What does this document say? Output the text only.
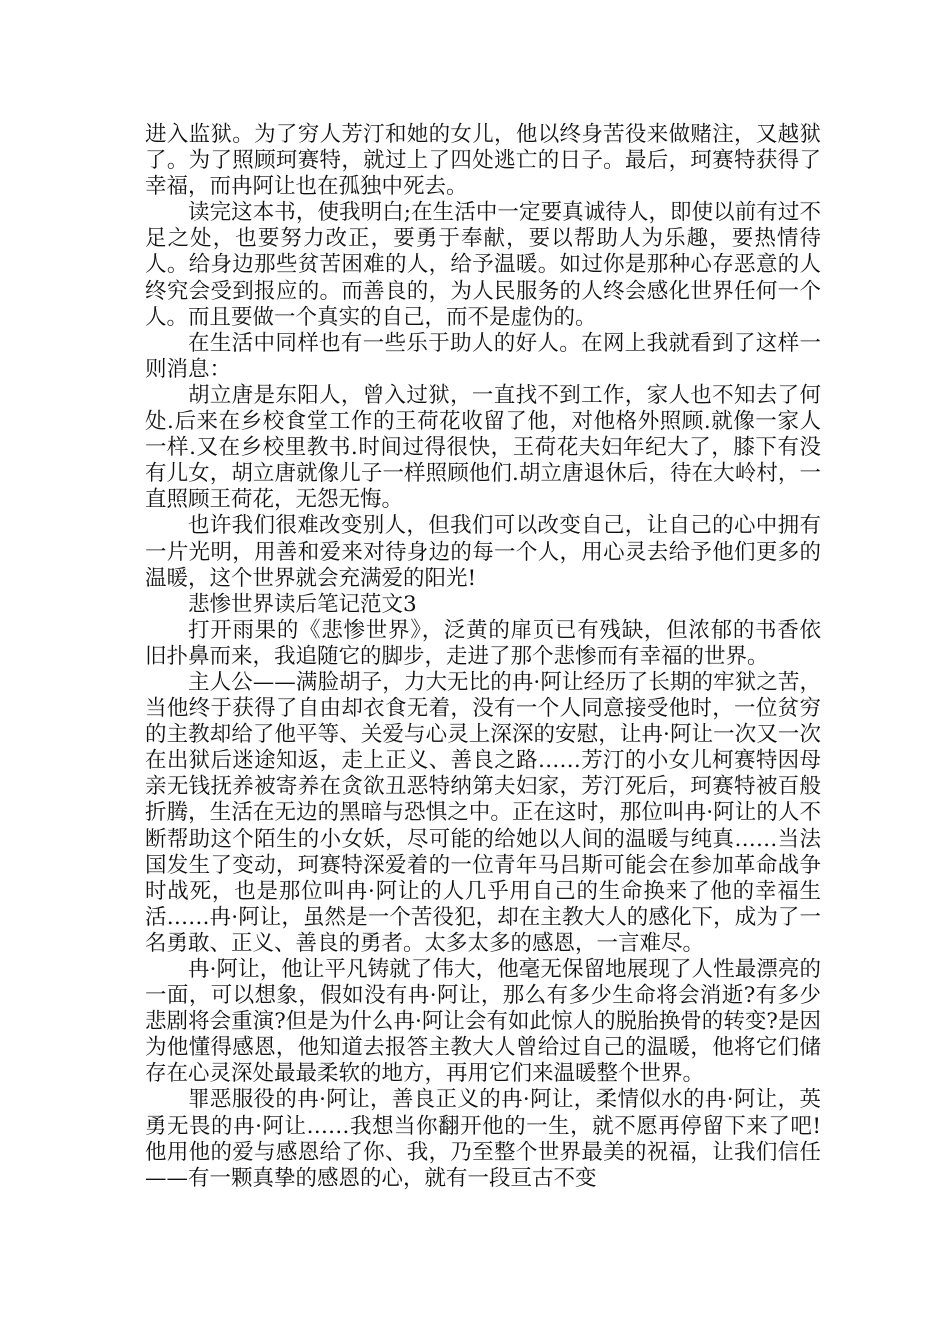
进入监狱。为了穷人芳汀和她的女儿，他以终身苦役来做赌注，又越狱了。为了照顾珂赛特，就过上了四处逃亡的日子。最后，珂赛特获得了幸福，而冉阿让也在孤独中死去。

读完这本书，使我明白;在生活中一定要真诚待人，即使以前有过不足之处，也要努力改正，要勇于奉献，要以帮助人为乐趣，要热情待人。给身边那些贫苦困难的人，给予温暖。如过你是那种心存恶意的人终究会受到报应的。而善良的，为人民服务的人终会感化世界任何一个人。而且要做一个真实的自己，而不是虚伪的。

在生活中同样也有一些乐于助人的好人。在网上我就看到了这样一则消息：

胡立唐是东阳人，曾入过狱，一直找不到工作，家人也不知去了何处.后来在乡校食堂工作的王荷花收留了他，对他格外照顾.就像一家人一样.又在乡校里教书.时间过得很快，王荷花夫妇年纪大了，膝下有没有儿女，胡立唐就像儿子一样照顾他们.胡立唐退休后，待在大岭村，一直照顾王荷花，无怨无悔。

也许我们很难改变别人，但我们可以改变自己，让自己的心中拥有一片光明，用善和爱来对待身边的每一个人，用心灵去给予他们更多的温暖，这个世界就会充满爱的阳光!

悲惨世界读后笔记范文3

打开雨果的《悲惨世界》，泛黄的扉页已有残缺，但浓郁的书香依旧扑鼻而来，我追随它的脚步，走进了那个悲惨而有幸福的世界。

主人公——满脸胡子，力大无比的冉·阿让经历了长期的牢狱之苦，当他终于获得了自由却衣食无着，没有一个人同意接受他时，一位贫穷的主教却给了他平等、关爱与心灵上深深的安慰，让冉·阿让一次又一次在出狱后迷途知返，走上正义、善良之路……芳汀的小女儿柯赛特因母亲无钱抚养被寄养在贪欲丑恶特纳第夫妇家，芳汀死后，珂赛特被百般折腾，生活在无边的黑暗与恐惧之中。正在这时，那位叫冉·阿让的人不断帮助这个陌生的小女妖，尽可能的给她以人间的温暖与纯真……当法国发生了变动，珂赛特深爱着的一位青年马吕斯可能会在参加革命战争时战死，也是那位叫冉·阿让的人几乎用自己的生命换来了他的幸福生活……冉·阿让，虽然是一个苦役犯，却在主教大人的感化下，成为了一名勇敢、正义、善良的勇者。太多太多的感恩，一言难尽。

冉·阿让，他让平凡铸就了伟大，他毫无保留地展现了人性最漂亮的一面，可以想象，假如没有冉·阿让，那么有多少生命将会消逝?有多少悲剧将会重演?但是为什么冉·阿让会有如此惊人的脱胎换骨的转变?是因为他懂得感恩，他知道去报答主教大人曾给过自己的温暖，他将它们储存在心灵深处最最柔软的地方，再用它们来温暖整个世界。

罪恶服役的冉·阿让，善良正义的冉·阿让，柔情似水的冉·阿让，英勇无畏的冉·阿让……我想当你翻开他的一生，就不愿再停留下来了吧!他用他的爱与感恩给了你、我，乃至整个世界最美的祝福，让我们信任——有一颗真挚的感恩的心，就有一段亘古不变
